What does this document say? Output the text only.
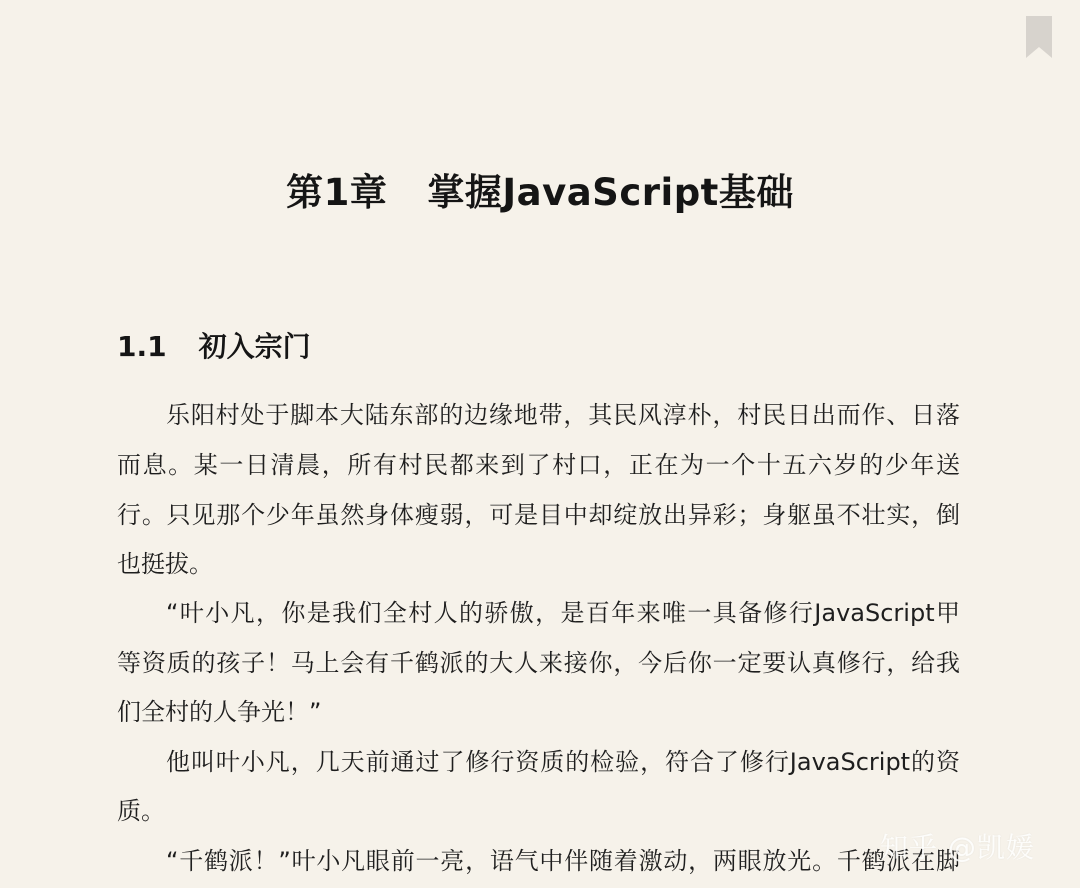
第1章 掌握JavaScript基础
1.1 初入宗门
乐阳村处于脚本大陆东部的边缘地带，其民风淳朴，村民日出而作、日落
而息。某一日清晨，所有村民都来到了村口，正在为一个十五六岁的少年送
行。只见那个少年虽然身体瘦弱，可是目中却绽放出异彩；身躯虽不壮实，倒
也挺拔。
“叶小凡，你是我们全村人的骄傲，是百年来唯一具备修行JavaScript甲
等资质的孩子！马上会有千鹤派的大人来接你，今后你一定要认真修行，给我
们全村的人争光！”
他叫叶小凡，几天前通过了修行资质的检验，符合了修行JavaScript的资
质。
“千鹤派！”叶小凡眼前一亮，语气中伴随着激动，两眼放光。千鹤派在脚
知乎 @凯媛
